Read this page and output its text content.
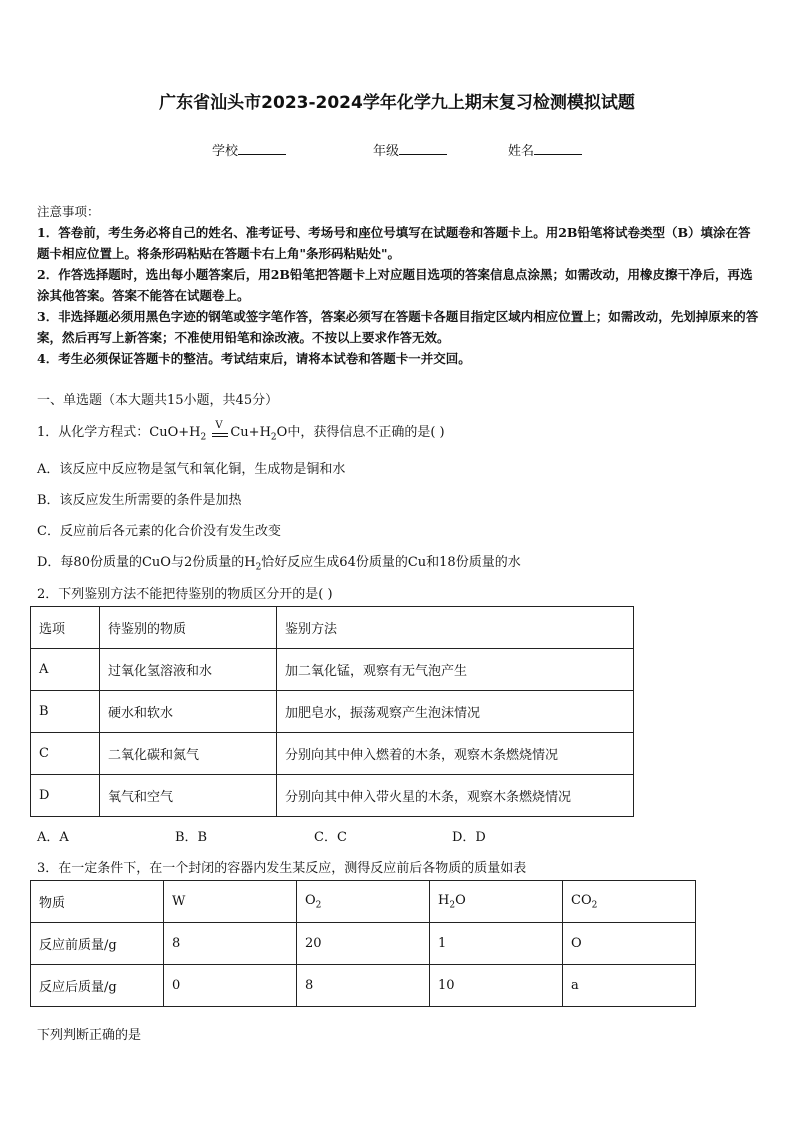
广东省汕头市2023-2024学年化学九上期末复习检测模拟试题
学校	年级	姓名

注意事项：

1．答卷前，考生务必将自己的姓名、准考证号、考场号和座位号填写在试题卷和答题卡上。用2B铅笔将试卷类型（B）填涂在答题卡相应位置上。将条形码粘贴在答题卡右上角"条形码粘贴处"。

2．作答选择题时，选出每小题答案后，用2B铅笔把答题卡上对应题目选项的答案信息点涂黑；如需改动，用橡皮擦干净后，再选涂其他答案。答案不能答在试题卷上。

3．非选择题必须用黑色字迹的钢笔或签字笔作答，答案必须写在答题卡各题目指定区域内相应位置上；如需改动，先划掉原来的答案，然后再写上新答案；不准使用铅笔和涂改液。不按以上要求作答无效。

4．考生必须保证答题卡的整洁。考试结束后，请将本试卷和答题卡一并交回。

一、单选题（本大题共15小题，共45分）
1．从化学方程式：$CuO+H_2$
V $Cu+H_2O$中，获得信息不正确的是( )
A．该反应中反应物是氢气和氧化铜，生成物是铜和水
B．该反应发生所需要的条件是加热
C．反应前后各元素的化合价没有发生改变
D．每80份质量的CuO与2份质量的$H_2$恰好反应生成64份质量的Cu和18份质量的水
2．下列鉴别方法不能把待鉴别的物质区分开的是( )
选项	待鉴别的物质	鉴别方法
A	过氧化氢溶液和水	加二氧化锰，观察有无气泡产生
B	硬水和软水	加肥皂水，振荡观察产生泡沫情况
C	二氧化碳和氮气	分别向其中伸入燃着的木条，观察木条燃烧情况
D	氧气和空气	分别向其中伸入带火星的木条，观察木条燃烧情况
A．A	B．B	C．C	D．D
3．在一定条件下，在一个封闭的容器内发生某反应，测得反应前后各物质的质量如表
物质	W	$O_2$	$H_2O$	$CO_2$
反应前质量/g	8	20	1	O
反应后质量/g	0	8	10	a
下列判断正确的是
